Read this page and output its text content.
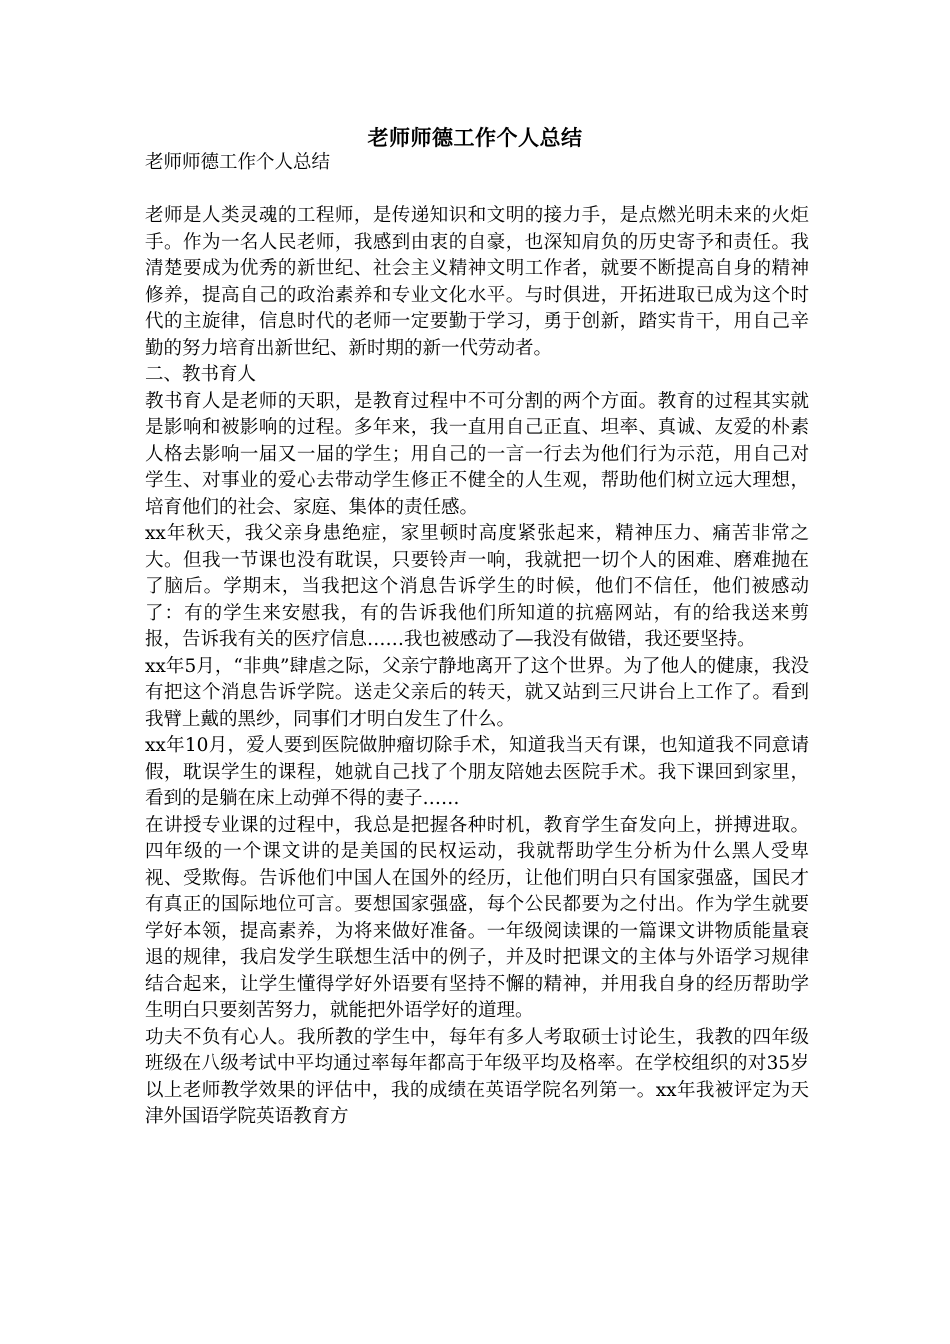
老师师德工作个人总结

老师师德工作个人总结

老师是人类灵魂的工程师，是传递知识和文明的接力手，是点燃光明未来的火炬手。作为一名人民老师，我感到由衷的自豪，也深知肩负的历史寄予和责任。我清楚要成为优秀的新世纪、社会主义精神文明工作者，就要不断提高自身的精神修养，提高自己的政治素养和专业文化水平。与时俱进，开拓进取已成为这个时代的主旋律，信息时代的老师一定要勤于学习，勇于创新，踏实肯干，用自己辛勤的努力培育出新世纪、新时期的新一代劳动者。

二、教书育人

教书育人是老师的天职，是教育过程中不可分割的两个方面。教育的过程其实就是影响和被影响的过程。多年来，我一直用自己正直、坦率、真诚、友爱的朴素人格去影响一届又一届的学生；用自己的一言一行去为他们行为示范，用自己对学生、对事业的爱心去带动学生修正不健全的人生观，帮助他们树立远大理想，培育他们的社会、家庭、集体的责任感。

xx年秋天，我父亲身患绝症，家里顿时高度紧张起来，精神压力、痛苦非常之大。但我一节课也没有耽误，只要铃声一响，我就把一切个人的困难、磨难抛在了脑后。学期末，当我把这个消息告诉学生的时候，他们不信任，他们被感动了：有的学生来安慰我，有的告诉我他们所知道的抗癌网站，有的给我送来剪报，告诉我有关的医疗信息……我也被感动了—我没有做错，我还要坚持。

xx年5月，“非典”肆虐之际，父亲宁静地离开了这个世界。为了他人的健康，我没有把这个消息告诉学院。送走父亲后的转天，就又站到三尺讲台上工作了。看到我臂上戴的黑纱，同事们才明白发生了什么。

xx年10月，爱人要到医院做肿瘤切除手术，知道我当天有课，也知道我不同意请假，耽误学生的课程，她就自己找了个朋友陪她去医院手术。我下课回到家里，看到的是躺在床上动弹不得的妻子……

在讲授专业课的过程中，我总是把握各种时机，教育学生奋发向上，拼搏进取。四年级的一个课文讲的是美国的民权运动，我就帮助学生分析为什么黑人受卑视、受欺侮。告诉他们中国人在国外的经历，让他们明白只有国家强盛，国民才有真正的国际地位可言。要想国家强盛，每个公民都要为之付出。作为学生就要学好本领，提高素养，为将来做好准备。一年级阅读课的一篇课文讲物质能量衰退的规律，我启发学生联想生活中的例子，并及时把课文的主体与外语学习规律结合起来，让学生懂得学好外语要有坚持不懈的精神，并用我自身的经历帮助学生明白只要刻苦努力，就能把外语学好的道理。

功夫不负有心人。我所教的学生中，每年有多人考取硕士讨论生，我教的四年级班级在八级考试中平均通过率每年都高于年级平均及格率。在学校组织的对35岁以上老师教学效果的评估中，我的成绩在英语学院名列第一。xx年我被评定为天津外国语学院英语教育方
